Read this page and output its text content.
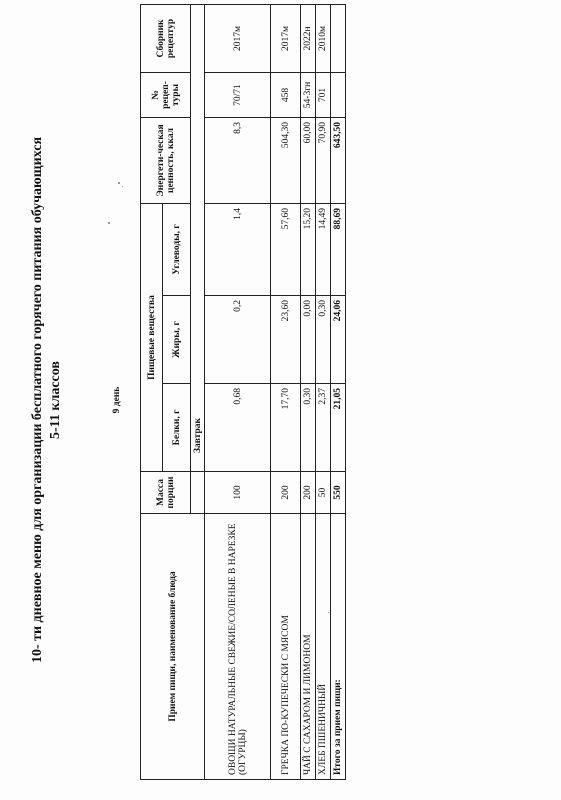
10- ти дневное меню для организации бесплатного горячего питания обучающихся 5-11 классов	9 день
Прием пищи, наименование блюда	Масса порции	Пищевые вещества			Энергети-ческая ценность, ккал	№ рецеп-туры	Сборник рецептур
		Белки, г	Жиры, г	Углеводы, г			
		Завтрак					
ОВОЩИ НАТУРАЛЬНЫЕ СВЕЖИЕ/СОЛЕНЫЕ В НАРЕЗКЕ (ОГУРЦЫ)	100	0,68	0,2	1,4	8,3	70/71	2017м
ГРЕЧКА ПО-КУПЕЧЕСКИ С МЯСОМ	200	17,70	23,60	57,60	504,30	458	2017м
ЧАЙ С САХАРОМ И ЛИМОНОМ	200	0,30	0,00	15,20	60,00	54-3гн	2022н
ХЛЕБ ПШЕНИЧНЫЙ	50	2,37	0,30	14,49	70,90	701	2010м
Итого за прием пищи:	550	21,05	24,06	88,69	643,50		
